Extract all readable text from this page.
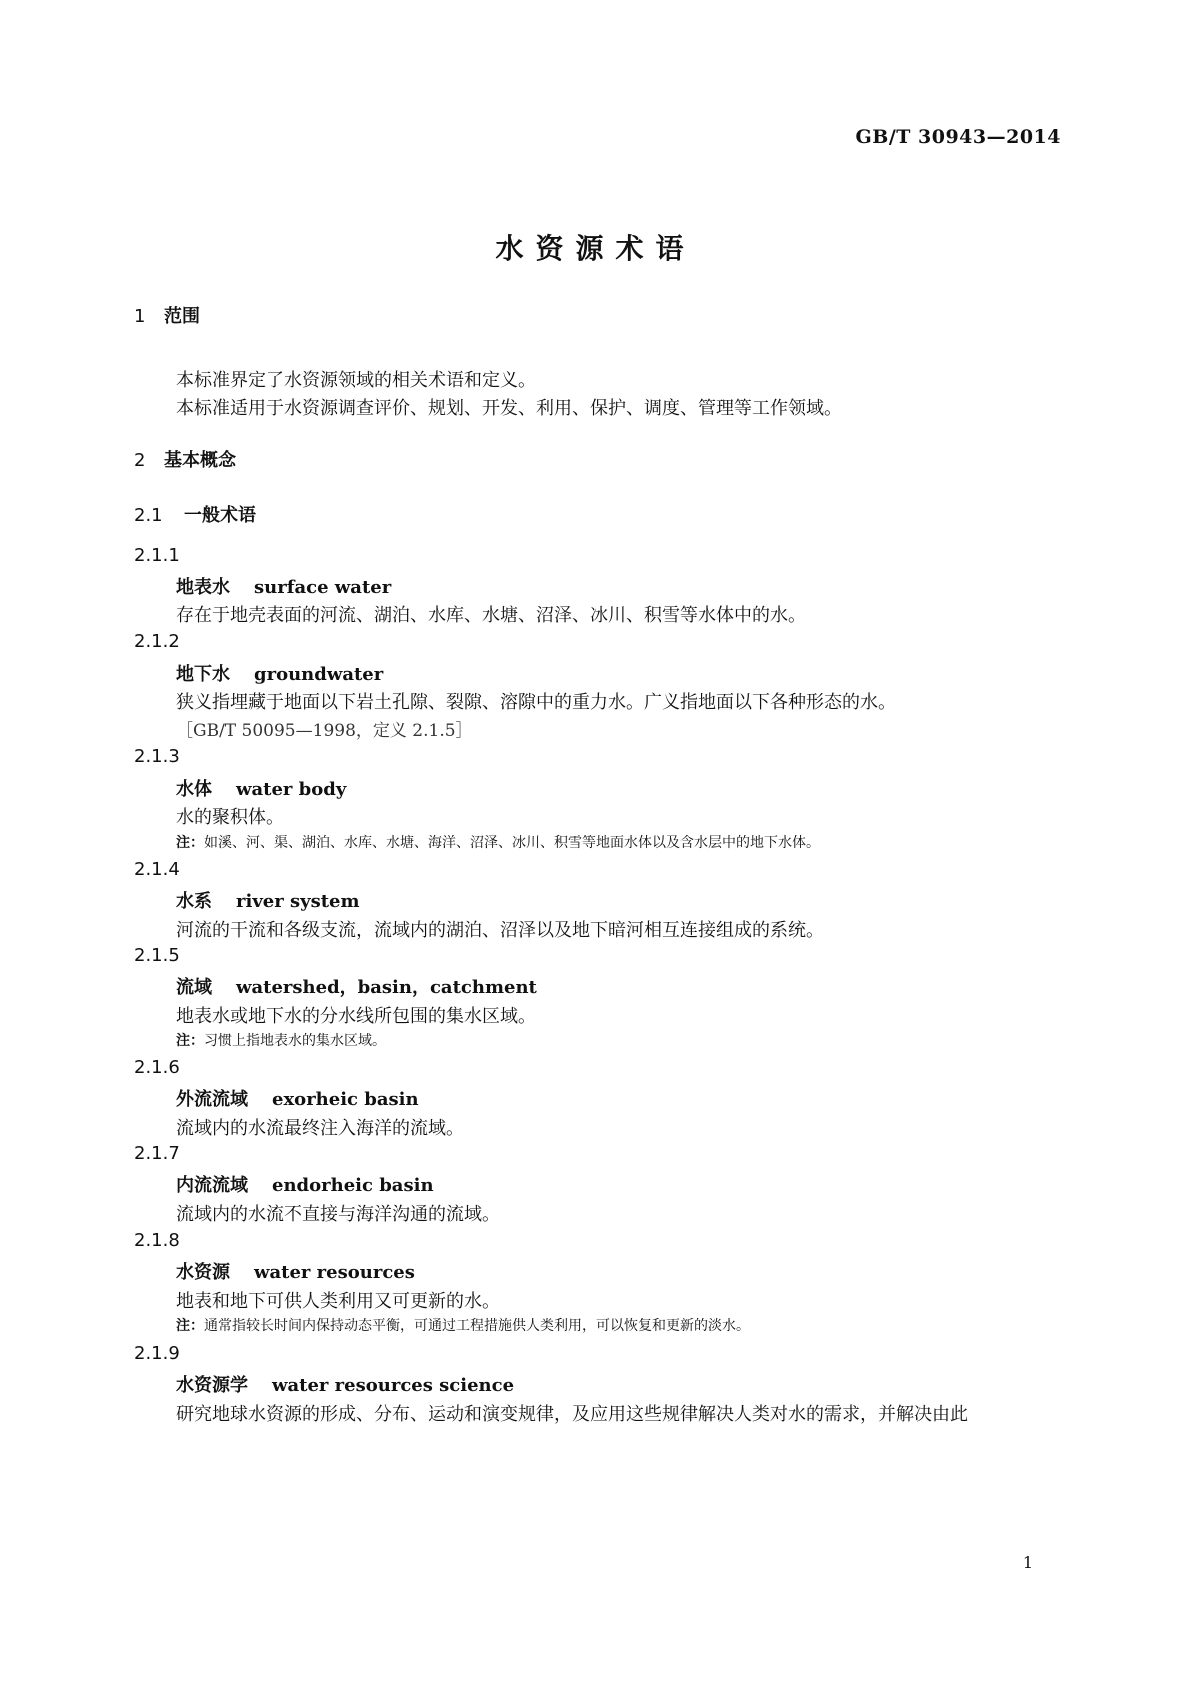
GB/T 30943—2014
水资源术语
1 范围
本标准界定了水资源领域的相关术语和定义。
本标准适用于水资源调查评价、规划、开发、利用、保护、调度、管理等工作领域。
2 基本概念
2.1 一般术语
2.1.1
地表水 surface water
存在于地壳表面的河流、湖泊、水库、水塘、沼泽、冰川、积雪等水体中的水。
2.1.2
地下水 groundwater
狭义指埋藏于地面以下岩土孔隙、裂隙、溶隙中的重力水。广义指地面以下各种形态的水。
［GB/T 50095—1998，定义 2.1.5］
2.1.3
水体 water body
水的聚积体。
注：如溪、河、渠、湖泊、水库、水塘、海洋、沼泽、冰川、积雪等地面水体以及含水层中的地下水体。
2.1.4
水系 river system
河流的干流和各级支流，流域内的湖泊、沼泽以及地下暗河相互连接组成的系统。
2.1.5
流域 watershed，basin，catchment
地表水或地下水的分水线所包围的集水区域。
注：习惯上指地表水的集水区域。
2.1.6
外流流域 exorheic basin
流域内的水流最终注入海洋的流域。
2.1.7
内流流域 endorheic basin
流域内的水流不直接与海洋沟通的流域。
2.1.8
水资源 water resources
地表和地下可供人类利用又可更新的水。
注：通常指较长时间内保持动态平衡，可通过工程措施供人类利用，可以恢复和更新的淡水。
2.1.9
水资源学 water resources science
研究地球水资源的形成、分布、运动和演变规律，及应用这些规律解决人类对水的需求，并解决由此
1
